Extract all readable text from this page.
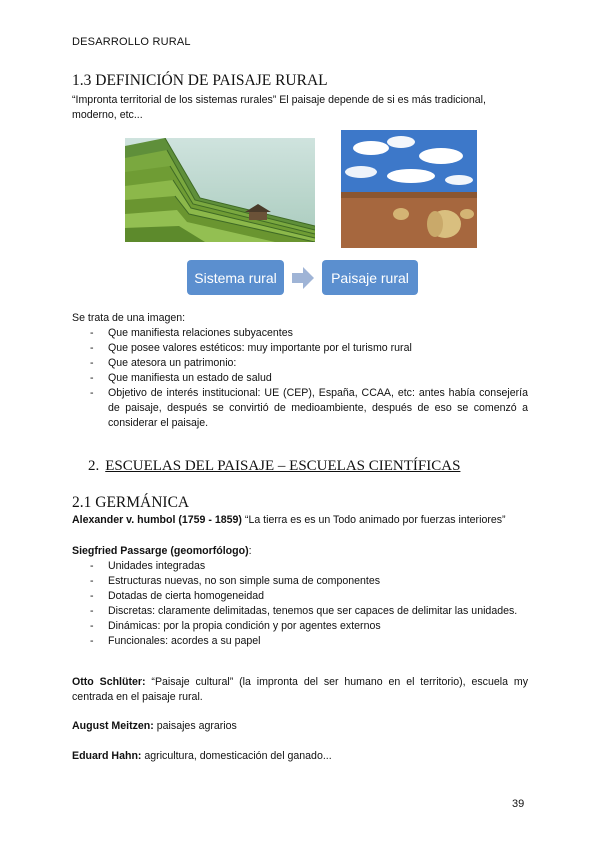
DESARROLLO RURAL
1.3 DEFINICIÓN DE PAISAJE RURAL
“Impronta territorial de los sistemas rurales” El paisaje depende de si es más tradicional, moderno, etc...
Sistema rural	Paisaje rural
Se trata de una imagen:
- Que manifiesta relaciones subyacentes
- Que posee valores estéticos: muy importante por el turismo rural
- Que atesora un patrimonio:
- Que manifiesta un estado de salud
- Objetivo de interés institucional: UE (CEP), España, CCAA, etc: antes había consejería de paisaje, después se convirtió de medioambiente, después de eso se comenzó a considerar el paisaje.
2. ESCUELAS DEL PAISAJE – ESCUELAS CIENTÍFICAS
2.1 GERMÁNICA
Alexander v. humbol (1759 - 1859) “La tierra es es un Todo animado por fuerzas interiores”
Siegfried Passarge (geomorfólogo):
- Unidades integradas
- Estructuras nuevas, no son simple suma de componentes
- Dotadas de cierta homogeneidad
- Discretas: claramente delimitadas, tenemos que ser capaces de delimitar las unidades.
- Dinámicas: por la propia condición y por agentes externos
- Funcionales: acordes a su papel
Otto Schlüter: “Paisaje cultural” (la impronta del ser humano en el territorio), escuela my centrada en el paisaje rural.
August Meitzen: paisajes agrarios
Eduard Hahn: agricultura, domesticación del ganado...
39
